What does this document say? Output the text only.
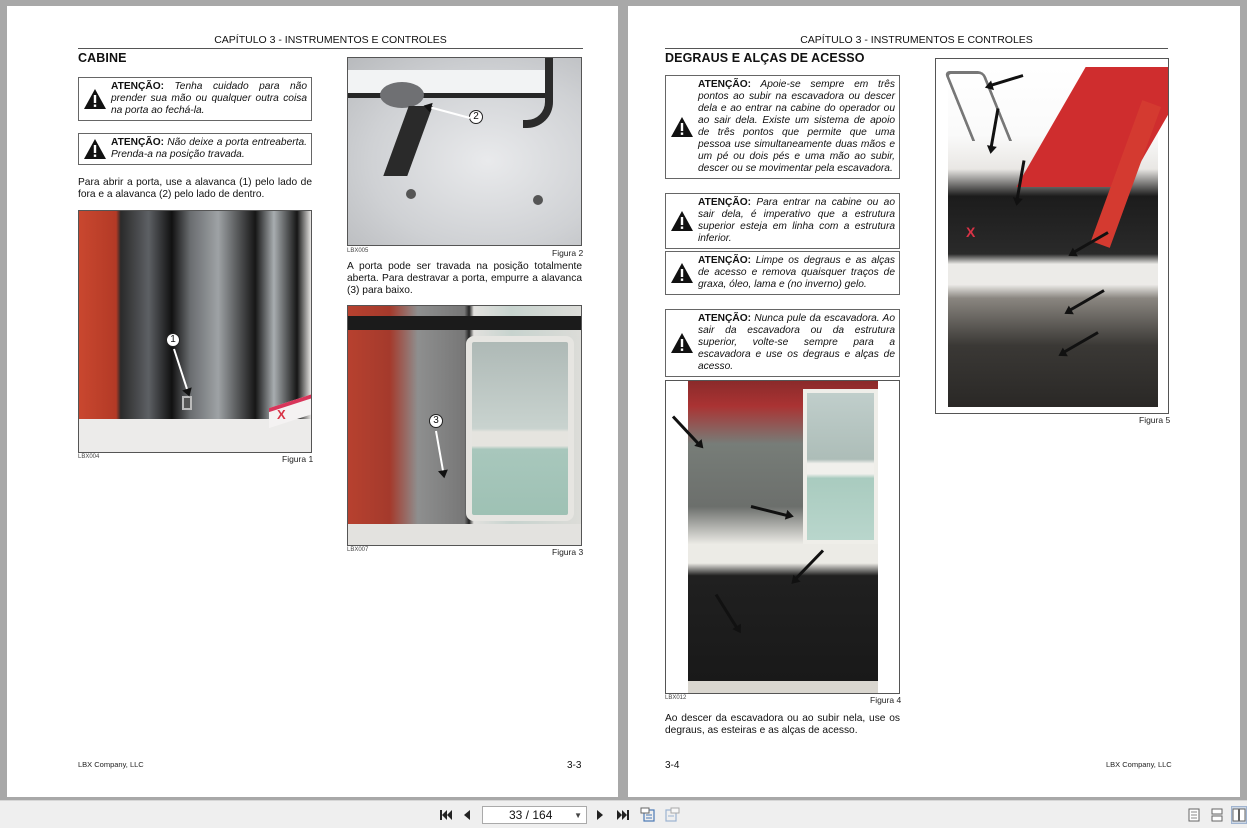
CAPÍTULO 3 - INSTRUMENTOS E CONTROLES
CABINE
ATENÇÃO: Tenha cuidado para não prender sua mão ou qualquer outra coisa na porta ao fechá-la.
ATENÇÃO: Não deixe a porta entreaberta. Prenda-a na posição travada.
Para abrir a porta, use a alavanca (1) pelo lado de fora e a alavanca (2) pelo lado de dentro.
X
1
LBX004	Figura 1
2
LBX005	Figura 2
A porta pode ser travada na posição totalmente aberta. Para destravar a porta, empurre a alavanca (3) para baixo.
3
LBX007	Figura 3
LBX Company, LLC	3-3
CAPÍTULO 3 - INSTRUMENTOS E CONTROLES
DEGRAUS E ALÇAS DE ACESSO
ATENÇÃO: Apoie-se sempre em três pontos ao subir na escavadora ou descer dela e ao entrar na cabine do operador ou ao sair dela. Existe um sistema de apoio de três pontos que permite que uma pessoa use simultaneamente duas mãos e um pé ou dois pés e uma mão ao subir, descer ou se movimentar pela escavadora.
ATENÇÃO: Para entrar na cabine ou ao sair dela, é imperativo que a estrutura superior esteja em linha com a estrutura inferior.
ATENÇÃO: Limpe os degraus e as alças de acesso e remova quaisquer traços de graxa, óleo, lama e (no inverno) gelo.
ATENÇÃO: Nunca pule da escavadora. Ao sair da escavadora ou da estrutura superior, volte-se sempre para a escavadora e use os degraus e alças de acesso.
LBX012	Figura 4
Ao descer da escavadora ou ao subir nela, use os degraus, as esteiras e as alças de acesso.
X
Figura 5
3-4	LBX Company, LLC
33 / 164	▼
